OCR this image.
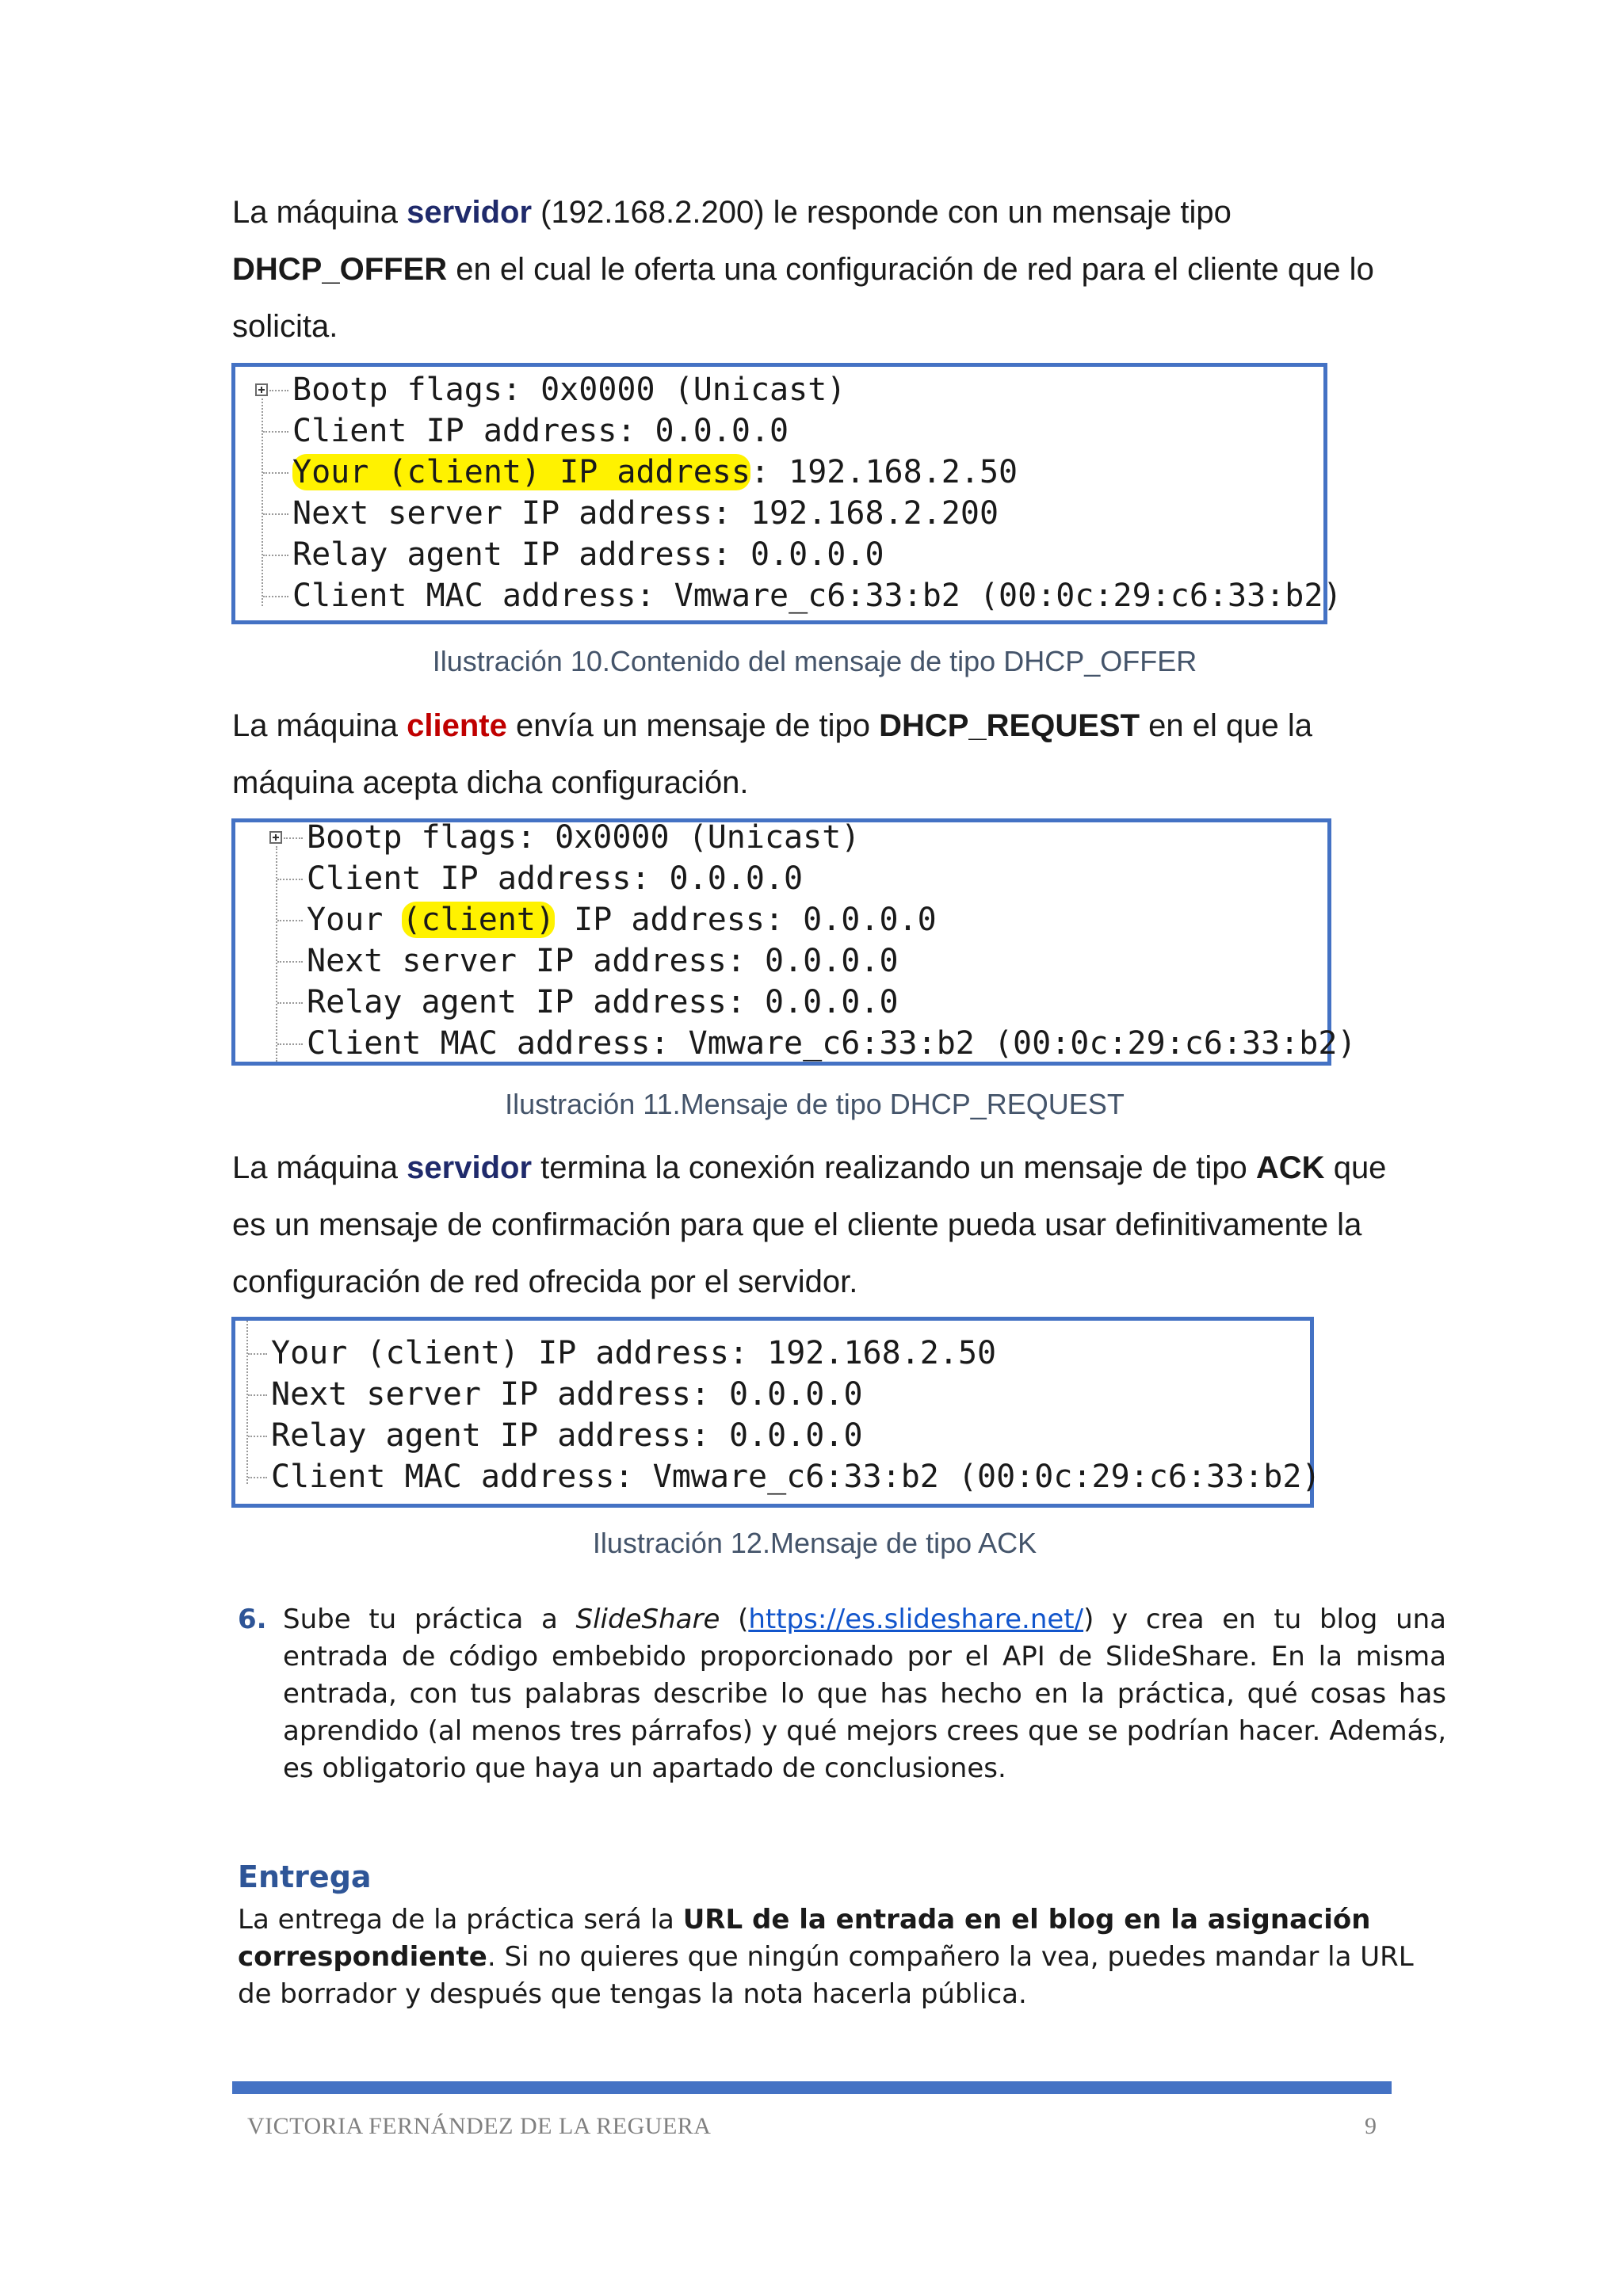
La máquina servidor (192.168.2.200) le responde con un mensaje tipo DHCP_OFFER en el cual le oferta una configuración de red para el cliente que lo solicita.

Bootp flags: 0x0000 (Unicast)
Client IP address: 0.0.0.0
Your (client) IP address: 192.168.2.50
Next server IP address: 192.168.2.200
Relay agent IP address: 0.0.0.0
Client MAC address: Vmware_c6:33:b2 (00:0c:29:c6:33:b2)
Ilustración 10.Contenido del mensaje de tipo DHCP_OFFER

La máquina cliente envía un mensaje de tipo DHCP_REQUEST en el que la máquina acepta dicha configuración.

Bootp flags: 0x0000 (Unicast)
Client IP address: 0.0.0.0
Your (client) IP address: 0.0.0.0
Next server IP address: 0.0.0.0
Relay agent IP address: 0.0.0.0
Client MAC address: Vmware_c6:33:b2 (00:0c:29:c6:33:b2)
Ilustración 11.Mensaje de tipo DHCP_REQUEST

La máquina servidor termina la conexión realizando un mensaje de tipo ACK que es un mensaje de confirmación para que el cliente pueda usar definitivamente la configuración de red ofrecida por el servidor.

Your (client) IP address: 192.168.2.50
Next server IP address: 0.0.0.0
Relay agent IP address: 0.0.0.0
Client MAC address: Vmware_c6:33:b2 (00:0c:29:c6:33:b2)
Ilustración 12.Mensaje de tipo ACK
6. Sube tu práctica a SlideShare (https://es.slideshare.net/) y crea en tu blog una entrada de código embebido proporcionado por el API de SlideShare. En la misma entrada, con tus palabras describe lo que has hecho en la práctica, qué cosas has aprendido (al menos tres párrafos) y qué mejors crees que se podrían hacer. Además, es obligatorio que haya un apartado de conclusiones.

Entrega

La entrega de la práctica será la URL de la entrada en el blog en la asignación correspondiente. Si no quieres que ningún compañero la vea, puedes mandar la URL de borrador y después que tengas la nota hacerla pública.

VICTORIA FERNÁNDEZ DE LA REGUERA	9
